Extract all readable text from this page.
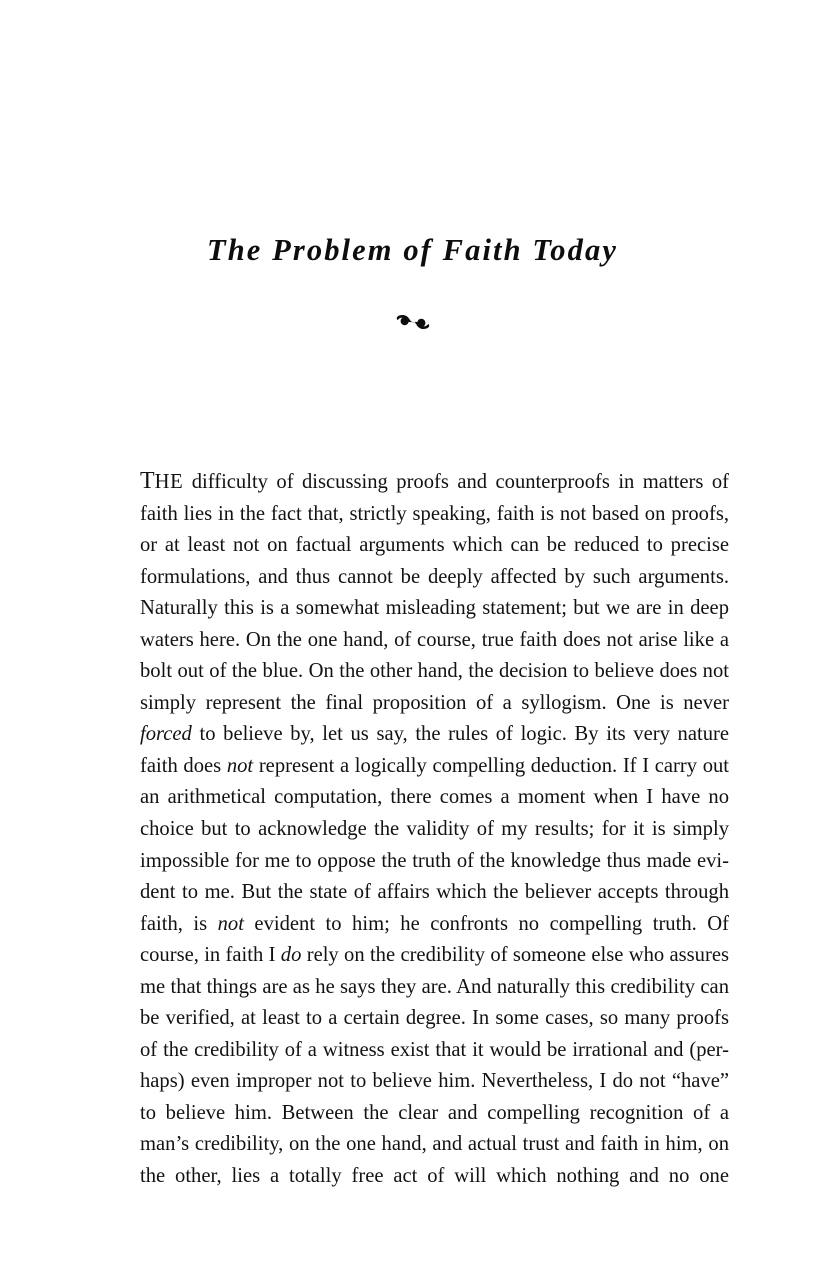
The Problem of Faith Today

THE difficulty of discussing proofs and counterproofs in matters of faith lies in the fact that, strictly speaking, faith is not based on proofs, or at least not on factual arguments which can be reduced to precise formulations, and thus cannot be deeply affected by such arguments. Naturally this is a somewhat misleading statement; but we are in deep waters here. On the one hand, of course, true faith does not arise like a bolt out of the blue. On the other hand, the decision to believe does not simply represent the final proposition of a syllogism. One is never forced to believe by, let us say, the rules of logic. By its very nature faith does not represent a logically compelling deduction. If I carry out an arithmetical computation, there comes a moment when I have no choice but to acknowledge the validity of my results; for it is simply impossible for me to oppose the truth of the knowledge thus made evi-dent to me. But the state of affairs which the believer accepts through faith, is not evident to him; he confronts no compelling truth. Of course, in faith I do rely on the credibility of someone else who assures me that things are as he says they are. And naturally this credibility can be verified, at least to a certain degree. In some cases, so many proofs of the credibility of a witness exist that it would be irrational and (per-haps) even improper not to believe him. Nevertheless, I do not “have” to believe him. Between the clear and compelling recognition of a man’s credibility, on the one hand, and actual trust and faith in him, on the other, lies a totally free act of will which nothing and no one
